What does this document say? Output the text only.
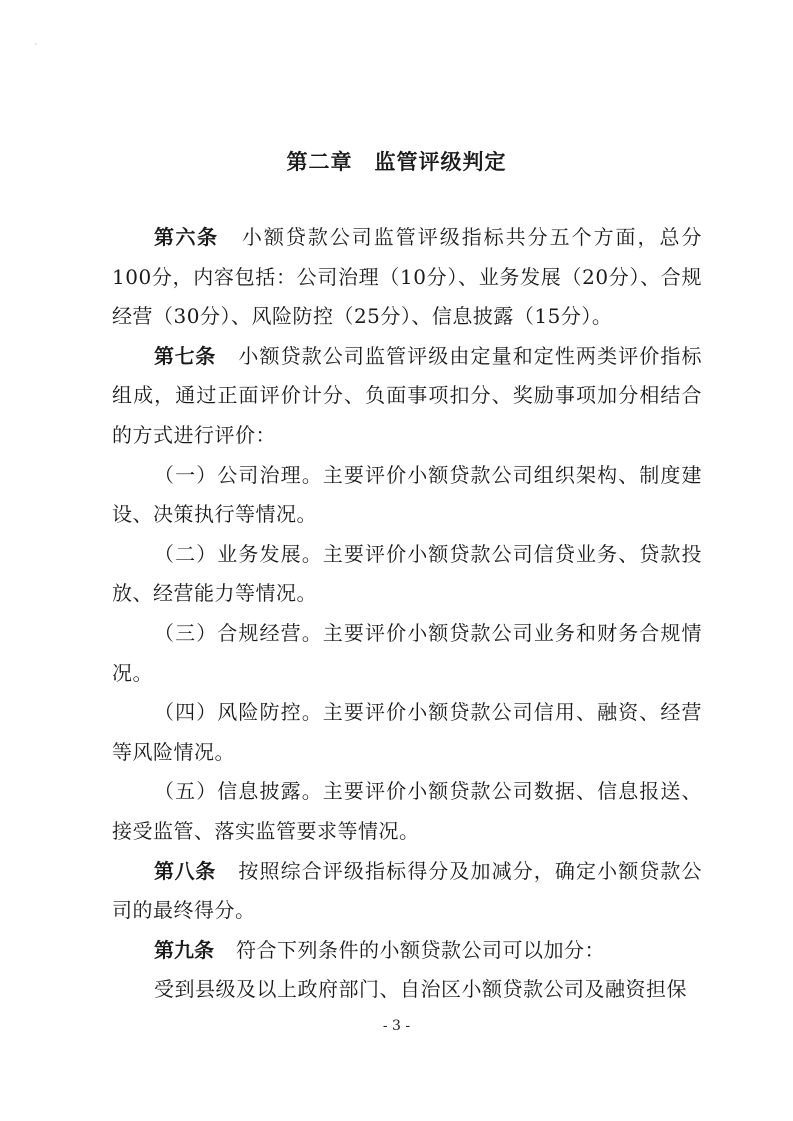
`
第二章　监管评级判定

第六条 小额贷款公司监管评级指标共分五个方面，总分100分，内容包括：公司治理（10分）、业务发展（20分）、合规经营（30分）、风险防控（25分）、信息披露（15分）。

第七条 小额贷款公司监管评级由定量和定性两类评价指标组成，通过正面评价计分、负面事项扣分、奖励事项加分相结合的方式进行评价：

（一）公司治理。主要评价小额贷款公司组织架构、制度建设、决策执行等情况。

（二）业务发展。主要评价小额贷款公司信贷业务、贷款投放、经营能力等情况。

（三）合规经营。主要评价小额贷款公司业务和财务合规情况。

（四）风险防控。主要评价小额贷款公司信用、融资、经营等风险情况。

（五）信息披露。主要评价小额贷款公司数据、信息报送、接受监管、落实监管要求等情况。

第八条 按照综合评级指标得分及加减分，确定小额贷款公司的最终得分。

第九条 符合下列条件的小额贷款公司可以加分：

受到县级及以上政府部门、自治区小额贷款公司及融资担保

- 3 -
